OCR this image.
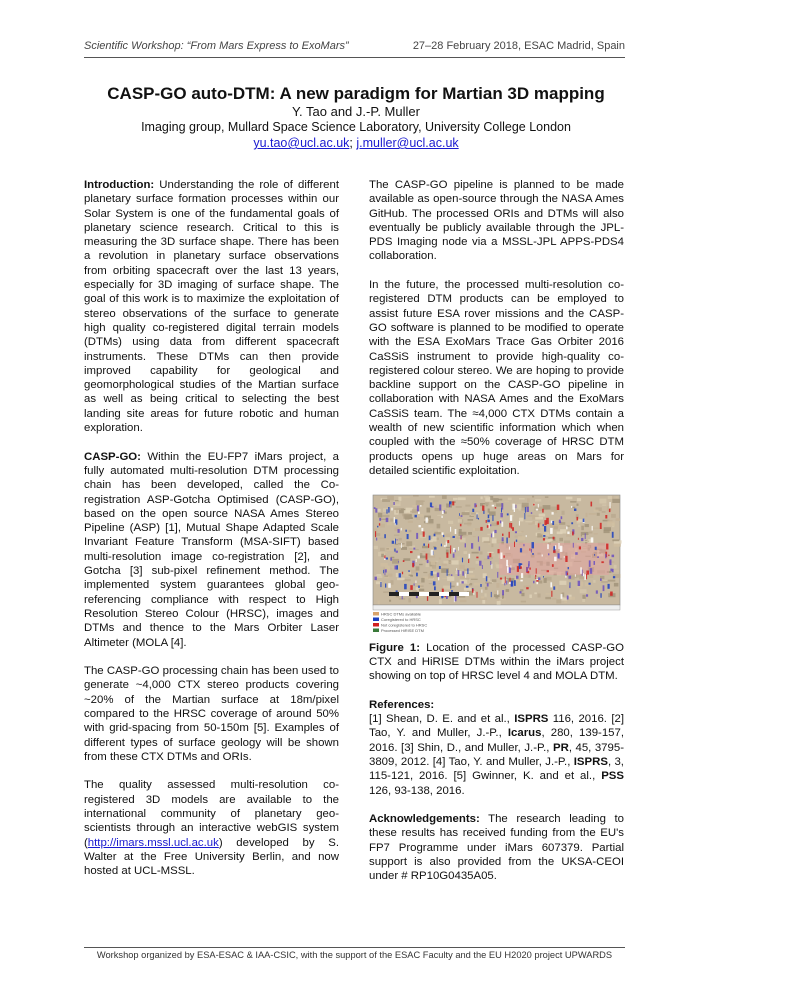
Scientific Workshop: “From Mars Express to ExoMars”	27–28 February 2018, ESAC Madrid, Spain
CASP-GO auto-DTM: A new paradigm for Martian 3D mapping
Y. Tao and J.-P. Muller
Imaging group, Mullard Space Science Laboratory, University College London
yu.tao@ucl.ac.uk; j.muller@ucl.ac.uk

Introduction: Understanding the role of different planetary surface formation processes within our Solar System is one of the fundamental goals of planetary science research. Critical to this is measuring the 3D surface shape. There has been a revolution in planetary surface observations from orbiting spacecraft over the last 13 years, especially for 3D imaging of surface shape. The goal of this work is to maximize the exploitation of stereo observations of the surface to generate high quality co-registered digital terrain models (DTMs) using data from different spacecraft instruments. These DTMs can then provide improved capability for geological and geomorphological studies of the Martian surface as well as being critical to selecting the best landing site areas for future robotic and human exploration.

CASP-GO: Within the EU-FP7 iMars project, a fully automated multi-resolution DTM processing chain has been developed, called the Co-registration ASP-Gotcha Optimised (CASP-GO), based on the open source NASA Ames Stereo Pipeline (ASP) [1], Mutual Shape Adapted Scale Invariant Feature Transform (MSA-SIFT) based multi-resolution image co-registration [2], and Gotcha [3] sub-pixel refinement method. The implemented system guarantees global geo-referencing compliance with respect to High Resolution Stereo Colour (HRSC), images and DTMs and thence to the Mars Orbiter Laser Altimeter (MOLA [4].

The CASP-GO processing chain has been used to generate ~4,000 CTX stereo products covering ~20% of the Martian surface at 18m/pixel compared to the HRSC coverage of around 50% with grid-spacing from 50-150m [5]. Examples of different types of surface geology will be shown from these CTX DTMs and ORIs.

The quality assessed multi-resolution co-registered 3D models are available to the international community of planetary geo-scientists through an interactive webGIS system (http://imars.mssl.ucl.ac.uk) developed by S. Walter at the Free University Berlin, and now hosted at UCL-MSSL.

The CASP-GO pipeline is planned to be made available as open-source through the NASA Ames GitHub. The processed ORIs and DTMs will also eventually be publicly available through the JPL-PDS Imaging node via a MSSL-JPL APPS-PDS4 collaboration.

In the future, the processed multi-resolution co-registered DTM products can be employed to assist future ESA rover missions and the CASP-GO software is planned to be modified to operate with the ESA ExoMars Trace Gas Orbiter 2016 CaSSiS instrument to provide high-quality co-registered colour stereo. We are hoping to provide backline support on the CASP-GO pipeline in collaboration with NASA Ames and the ExoMars CaSSiS team. The ≈4,000 CTX DTMs contain a wealth of new scientific information which when coupled with the ≈50% coverage of HRSC DTM products opens up huge areas on Mars for detailed scientific exploitation.

HRSC DTMs available
Coregistered to HRSC
Not coregistered to HRSC
Processed HiRISE DTM

Figure 1: Location of the processed CASP-GO CTX and HiRISE DTMs within the iMars project showing on top of HRSC level 4 and MOLA DTM.

References:

[1] Shean, D. E. and et al., ISPRS 116, 2016. [2] Tao, Y. and Muller, J.-P., Icarus, 280, 139-157, 2016. [3] Shin, D., and Muller, J.-P., PR, 45, 3795-3809, 2012. [4] Tao, Y. and Muller, J.-P., ISPRS, 3, 115-121, 2016. [5] Gwinner, K. and et al., PSS 126, 93-138, 2016.

Acknowledgements: The research leading to these results has received funding from the EU's FP7 Programme under iMars 607379. Partial support is also provided from the UKSA-CEOI under # RP10G0435A05.

Workshop organized by ESA-ESAC & IAA-CSIC, with the support of the ESAC Faculty and the EU H2020 project UPWARDS
